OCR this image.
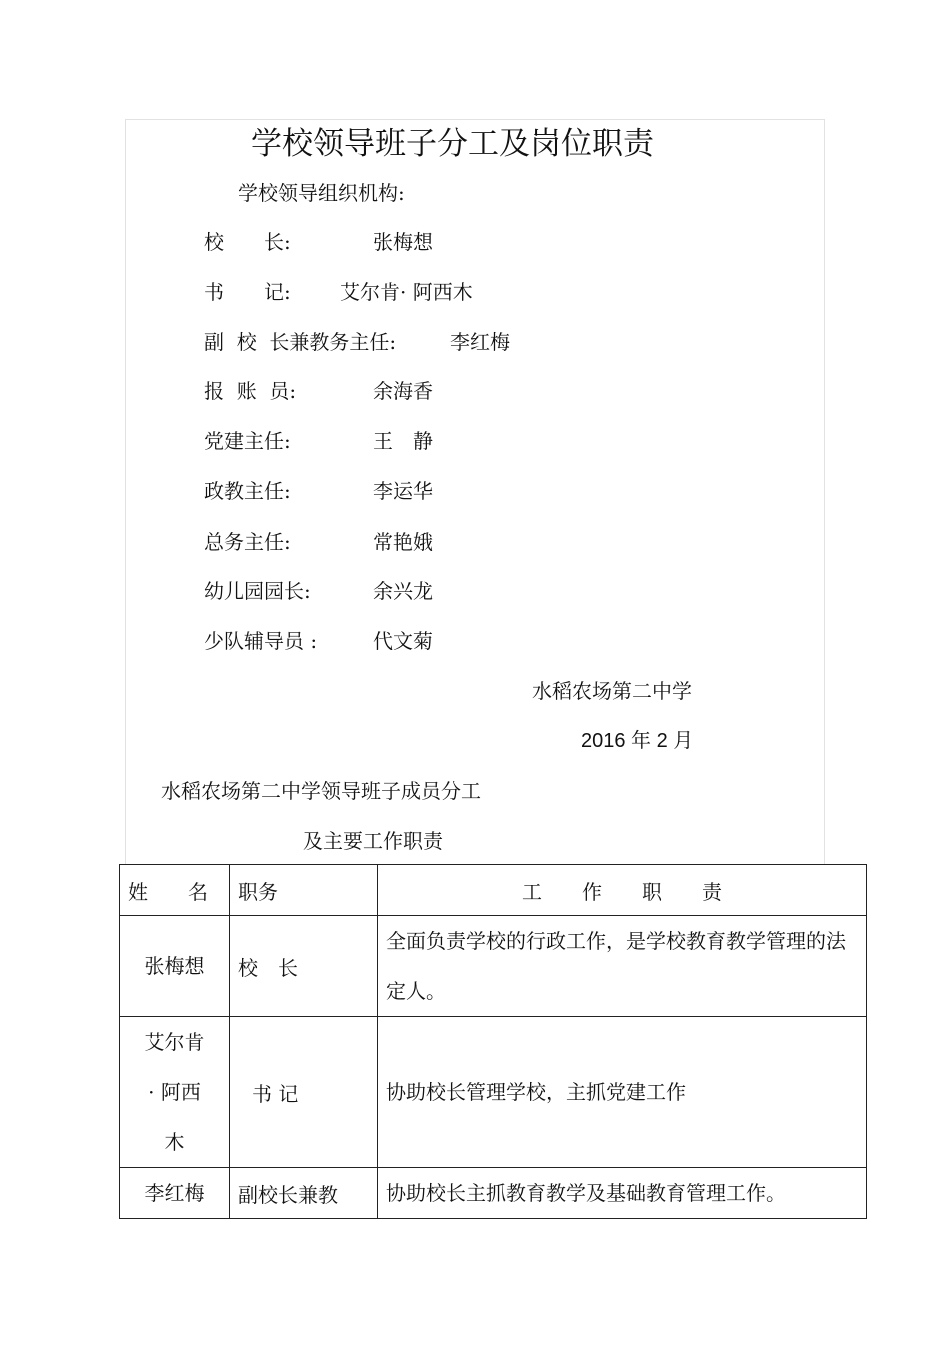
学校领导班子分工及岗位职责
学校领导组织机构:
校　　长:	张梅想
书　　记: 艾尔肯· 阿西木
副  校  长兼教务主任:	李红梅
报  账  员:	余海香
党建主任:	王　静
政教主任:	李运华
总务主任:	常艳娥
幼儿园园长:	余兴龙
少队辅导员 :	代文菊
水稻农场第二中学
2016 年 2 月
水稻农场第二中学领导班子成员分工
及主要工作职责
姓　　名	职务	工　　作　　职　　责
张梅想	校　长	全面负责学校的行政工作，是学校教育教学管理的法定人。

艾尔肯· 阿西木	书 记	协助校长管理学校，主抓党建工作
李红梅	副校长兼教	协助校长主抓教育教学及基础教育管理工作。
